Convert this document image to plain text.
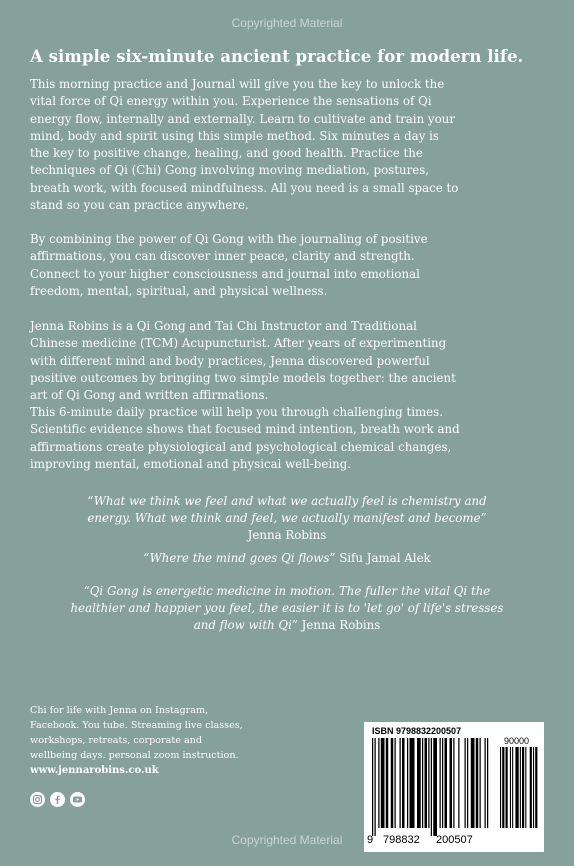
Copyrighted Material
A simple six-minute ancient practice for modern life.
This morning practice and Journal will give you the key to unlock the
vital force of Qi energy within you. Experience the sensations of Qi
energy flow, internally and externally. Learn to cultivate and train your
mind, body and spirit using this simple method. Six minutes a day is
the key to positive change, healing, and good health. Practice the
techniques of Qi (Chi) Gong involving moving mediation, postures,
breath work, with focused mindfulness. All you need is a small space to
stand so you can practice anywhere.
By combining the power of Qi Gong with the journaling of positive
affirmations, you can discover inner peace, clarity and strength.
Connect to your higher consciousness and journal into emotional
freedom, mental, spiritual, and physical wellness.
Jenna Robins is a Qi Gong and Tai Chi Instructor and Traditional
Chinese medicine (TCM) Acupuncturist. After years of experimenting
with different mind and body practices, Jenna discovered powerful
positive outcomes by bringing two simple models together: the ancient
art of Qi Gong and written affirmations.
This 6-minute daily practice will help you through challenging times.
Scientific evidence shows that focused mind intention, breath work and
affirmations create physiological and psychological chemical changes,
improving mental, emotional and physical well-being.
“What we think we feel and what we actually feel is chemistry and
energy. What we think and feel, we actually manifest and become”
Jenna Robins
“Where the mind goes Qi flows” Sifu Jamal Alek
“Qi Gong is energetic medicine in motion. The fuller the vital Qi the
healthier and happier you feel, the easier it is to 'let go' of life's stresses
and flow with Qi” Jenna Robins
Chi for life with Jenna on Instagram,
Facebook. You tube. Streaming live classes,
workshops, retreats, corporate and
wellbeing days. personal zoom instruction.
www.jennarobins.co.uk
ISBN 9798832200507
90000
9 798832 200507
Copyrighted Material
